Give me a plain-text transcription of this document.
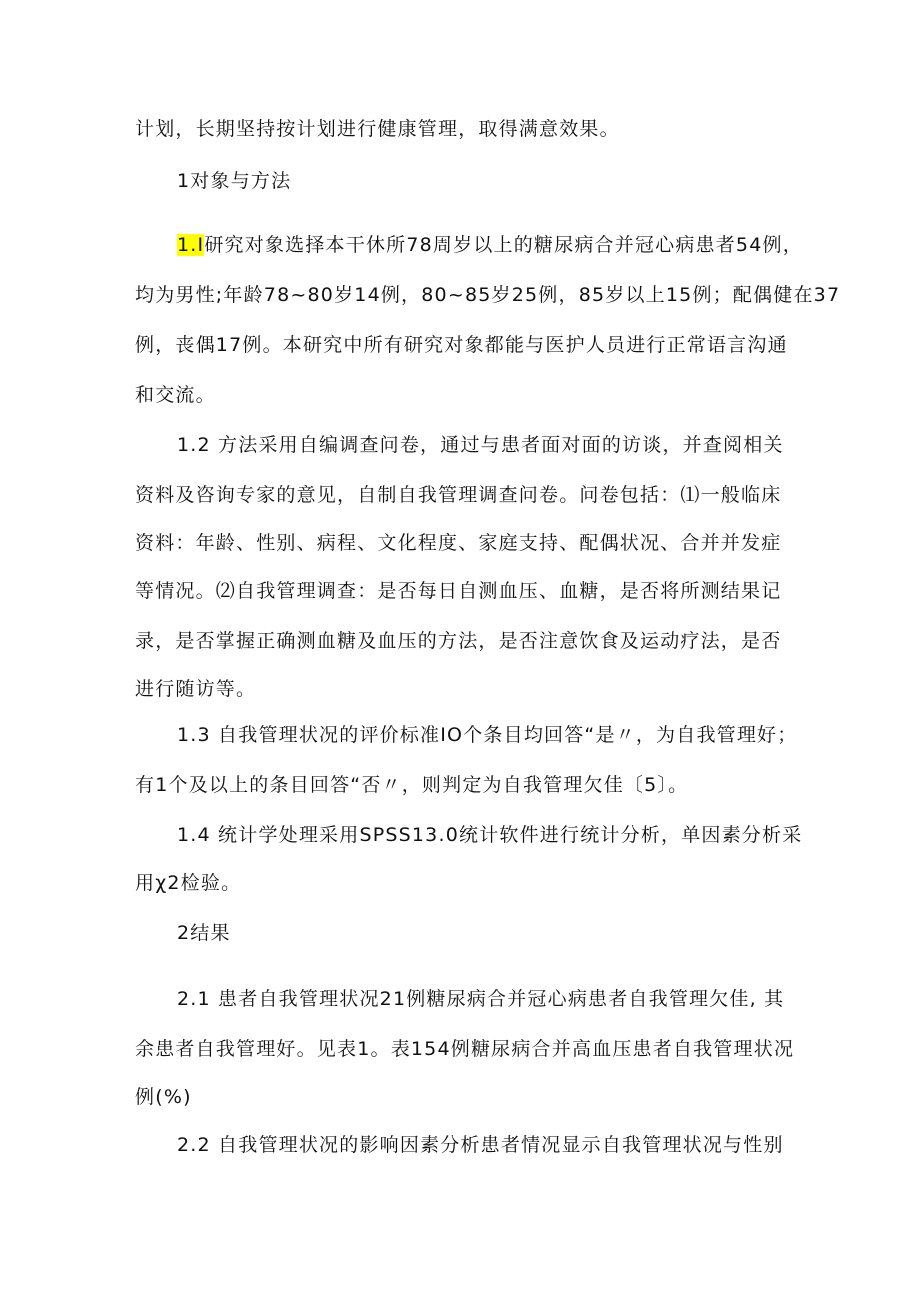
计划，长期坚持按计划进行健康管理，取得满意效果。
1对象与方法
1.I研究对象选择本干休所78周岁以上的糖尿病合并冠心病患者54例，
均为男性;年龄78~80岁14例，80~85岁25例，85岁以上15例；配偶健在37
例，丧偶17例。本研究中所有研究对象都能与医护人员进行正常语言沟通
和交流。
1.2 方法采用自编调查问卷，通过与患者面对面的访谈，并查阅相关
资料及咨询专家的意见，自制自我管理调查问卷。问卷包括：⑴一般临床
资料：年龄、性别、病程、文化程度、家庭支持、配偶状况、合并并发症
等情况。⑵自我管理调查：是否每日自测血压、血糖，是否将所测结果记
录，是否掌握正确测血糖及血压的方法，是否注意饮食及运动疗法，是否
进行随访等。
1.3 自我管理状况的评价标准IO个条目均回答“是〃，为自我管理好；
有1个及以上的条目回答“否〃，则判定为自我管理欠佳〔5〕。
1.4 统计学处理采用SPSS13.0统计软件进行统计分析，单因素分析采
用χ2检验。
2结果
2.1 患者自我管理状况21例糖尿病合并冠心病患者自我管理欠佳, 其
余患者自我管理好。见表1。表154例糖尿病合并高血压患者自我管理状况
例(%)
2.2 自我管理状况的影响因素分析患者情况显示自我管理状况与性别
